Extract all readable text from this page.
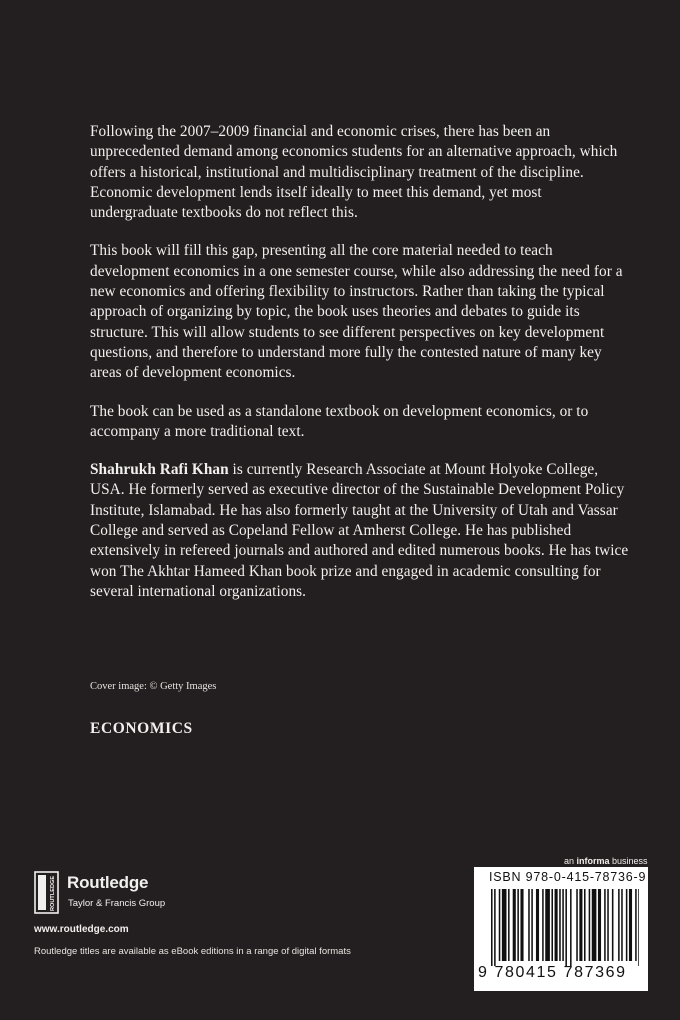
Following the 2007–2009 financial and economic crises, there has been an unprecedented demand among economics students for an alternative approach, which offers a historical, institutional and multidisciplinary treatment of the discipline. Economic development lends itself ideally to meet this demand, yet most undergraduate textbooks do not reflect this.

This book will fill this gap, presenting all the core material needed to teach development economics in a one semester course, while also addressing the need for a new economics and offering flexibility to instructors. Rather than taking the typical approach of organizing by topic, the book uses theories and debates to guide its structure. This will allow students to see different perspectives on key development questions, and therefore to understand more fully the contested nature of many key areas of development economics.

The book can be used as a standalone textbook on development economics, or to accompany a more traditional text.

Shahrukh Rafi Khan is currently Research Associate at Mount Holyoke College, USA. He formerly served as executive director of the Sustainable Development Policy Institute, Islamabad. He has also formerly taught at the University of Utah and Vassar College and served as Copeland Fellow at Amherst College. He has published extensively in refereed journals and authored and edited numerous books. He has twice won The Akhtar Hameed Khan book prize and engaged in academic consulting for several international organizations.

Cover image: © Getty Images
ECONOMICS
an informa business
ROUTLEDGE Routledge
Taylor & Francis Group
www.routledge.com
Routledge titles are available as eBook editions in a range of digital formats
ISBN 978-0-415-78736-9
9 780415 787369
